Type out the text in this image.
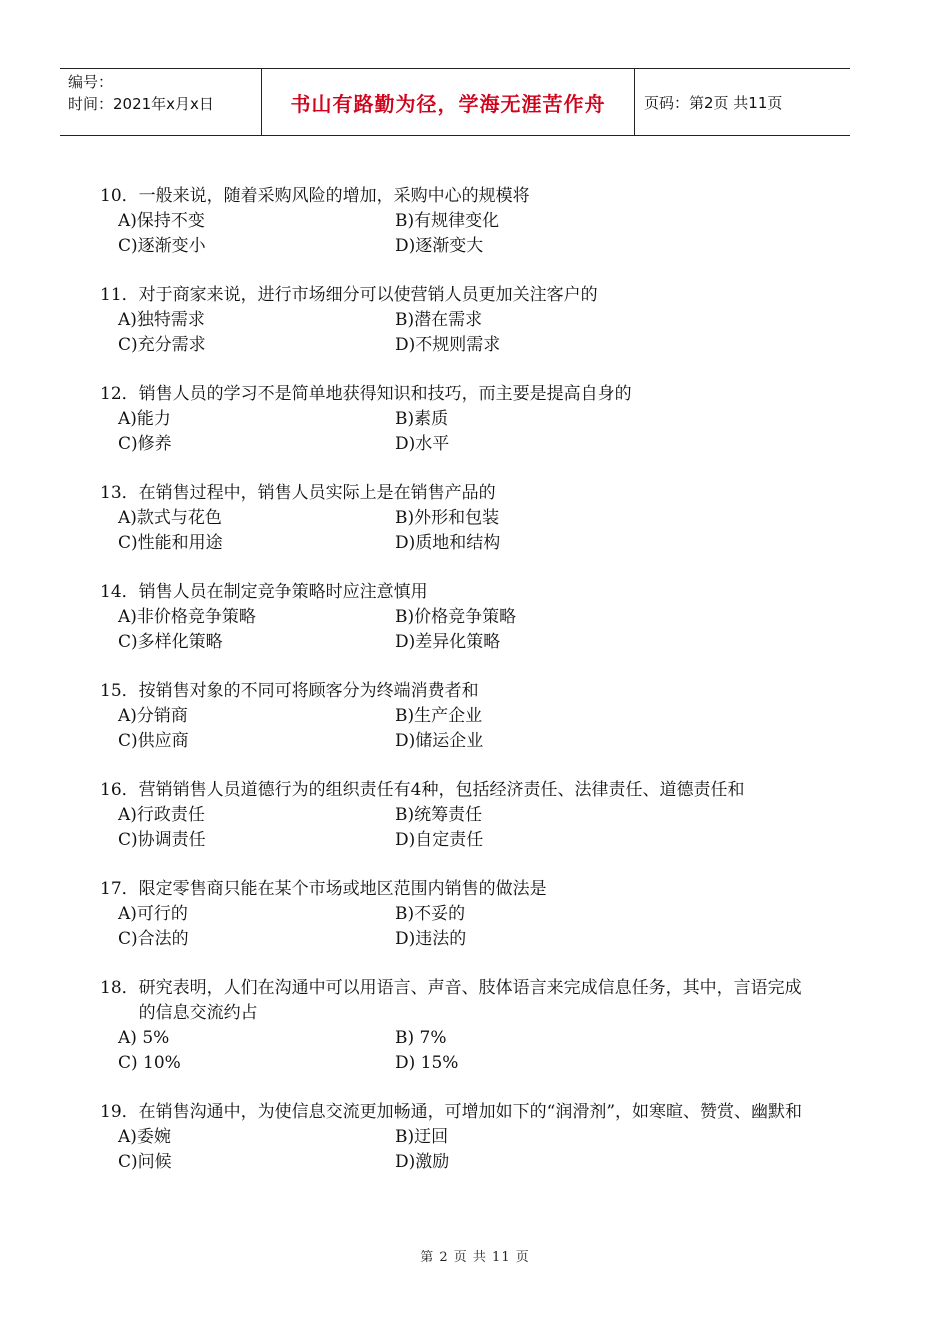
编号：
时间：2021年x月x日	书山有路勤为径，学海无涯苦作舟	页码：第2页 共11页
10． 一般来说，随着采购风险的增加，采购中心的规模将
A)保持不变	B)有规律变化
C)逐渐变小	D)逐渐变大
11． 对于商家来说，进行市场细分可以使营销人员更加关注客户的
A)独特需求	B)潜在需求
C)充分需求	D)不规则需求
12． 销售人员的学习不是简单地获得知识和技巧，而主要是提高自身的
A)能力	B)素质
C)修养	D)水平
13． 在销售过程中，销售人员实际上是在销售产品的
A)款式与花色	B)外形和包装
C)性能和用途	D)质地和结构
14． 销售人员在制定竞争策略时应注意慎用
A)非价格竞争策略	B)价格竞争策略
C)多样化策略	D)差异化策略
15． 按销售对象的不同可将顾客分为终端消费者和
A)分销商	B)生产企业
C)供应商	D)储运企业
16． 营销销售人员道德行为的组织责任有4种，包括经济责任、法律责任、道德责任和
A)行政责任	B)统筹责任
C)协调责任	D)自定责任
17． 限定零售商只能在某个市场或地区范围内销售的做法是
A)可行的	B)不妥的
C)合法的	D)违法的
18． 研究表明，人们在沟通中可以用语言、声音、肢体语言来完成信息任务，其中，言语完成的信息交流约占
A) 5%	B) 7%
C) 10%	D) 15%
19． 在销售沟通中，为使信息交流更加畅通，可增加如下的“润滑剂”，如寒暄、赞赏、幽默和
A)委婉	B)迂回
C)问候	D)激励
第 2 页 共 11 页
